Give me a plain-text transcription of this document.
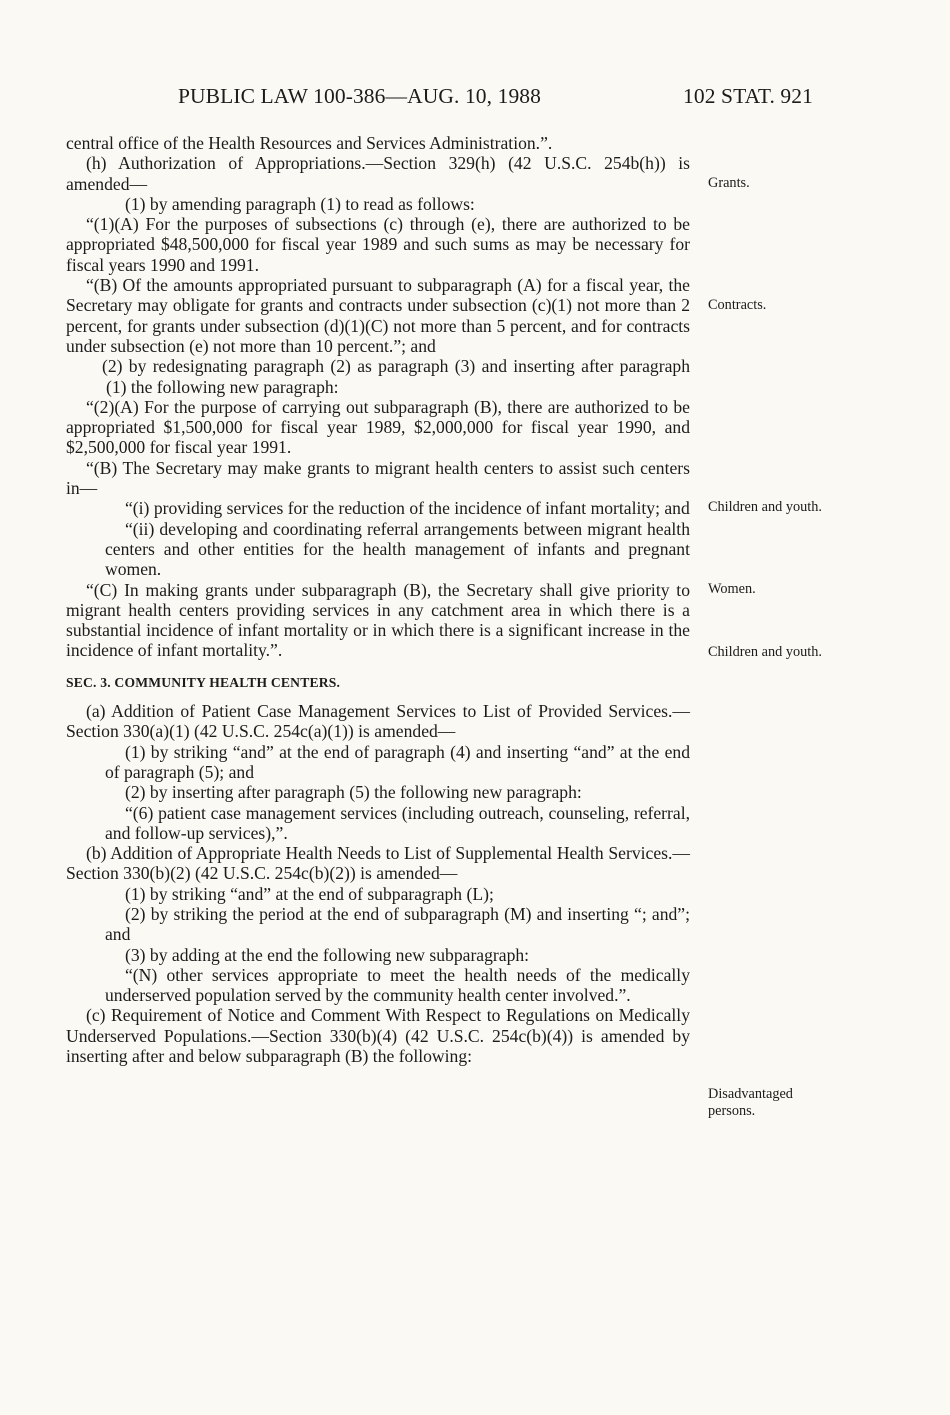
PUBLIC LAW 100-386—AUG. 10, 1988	102 STAT. 921

central office of the Health Resources and Services Administration.”.

(h) Authorization of Appropriations.—Section 329(h) (42 U.S.C. 254b(h)) is amended—

(1) by amending paragraph (1) to read as follows:

“(1)(A) For the purposes of subsections (c) through (e), there are authorized to be appropriated $48,500,000 for fiscal year 1989 and such sums as may be necessary for fiscal years 1990 and 1991.

“(B) Of the amounts appropriated pursuant to subparagraph (A) for a fiscal year, the Secretary may obligate for grants and contracts under subsection (c)(1) not more than 2 percent, for grants under subsection (d)(1)(C) not more than 5 percent, and for contracts under subsection (e) not more than 10 percent.”; and

(2) by redesignating paragraph (2) as paragraph (3) and inserting after paragraph (1) the following new paragraph:

“(2)(A) For the purpose of carrying out subparagraph (B), there are authorized to be appropriated $1,500,000 for fiscal year 1989, $2,000,000 for fiscal year 1990, and $2,500,000 for fiscal year 1991.

“(B) The Secretary may make grants to migrant health centers to assist such centers in—

“(i) providing services for the reduction of the incidence of infant mortality; and

“(ii) developing and coordinating referral arrangements between migrant health centers and other entities for the health management of infants and pregnant women.

“(C) In making grants under subparagraph (B), the Secretary shall give priority to migrant health centers providing services in any catchment area in which there is a substantial incidence of infant mortality or in which there is a significant increase in the incidence of infant mortality.”.

SEC. 3. COMMUNITY HEALTH CENTERS.

(a) Addition of Patient Case Management Services to List of Provided Services.—Section 330(a)(1) (42 U.S.C. 254c(a)(1)) is amended—

(1) by striking “and” at the end of paragraph (4) and inserting “and” at the end of paragraph (5); and

(2) by inserting after paragraph (5) the following new paragraph:

“(6) patient case management services (including outreach, counseling, referral, and follow-up services),”.

(b) Addition of Appropriate Health Needs to List of Supplemental Health Services.—Section 330(b)(2) (42 U.S.C. 254c(b)(2)) is amended—

(1) by striking “and” at the end of subparagraph (L);

(2) by striking the period at the end of subparagraph (M) and inserting “; and”; and

(3) by adding at the end the following new subparagraph:

“(N) other services appropriate to meet the health needs of the medically underserved population served by the community health center involved.”.

(c) Requirement of Notice and Comment With Respect to Regulations on Medically Underserved Populations.—Section 330(b)(4) (42 U.S.C. 254c(b)(4)) is amended by inserting after and below subparagraph (B) the following:

Grants.
Contracts.
Children and youth.
Women.
Children and youth.
Disadvantaged persons.
